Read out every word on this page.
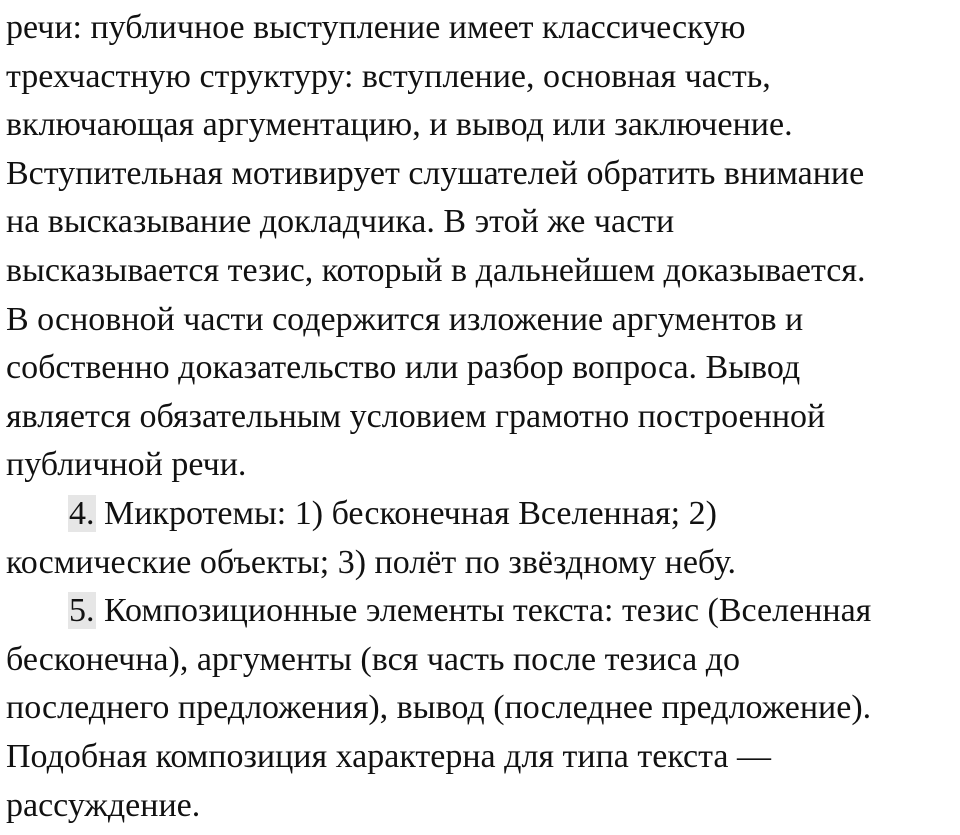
речи: публичное выступление имеет классическую
трехчастную структуру: вступление, основная часть,
включающая аргументацию, и вывод или заключение.
Вступительная мотивирует слушателей обратить внимание
на высказывание докладчика. В этой же части
высказывается тезис, который в дальнейшем доказывается.
В основной части содержится изложение аргументов и
собственно доказательство или разбор вопроса. Вывод
является обязательным условием грамотно построенной
публичной речи.
4. Микротемы: 1) бесконечная Вселенная; 2)
космические объекты; 3) полёт по звёздному небу.
5. Композиционные элементы текста: тезис (Вселенная
бесконечна), аргументы (вся часть после тезиса до
последнего предложения), вывод (последнее предложение).
Подобная композиция характерна для типа текста —
рассуждение.
